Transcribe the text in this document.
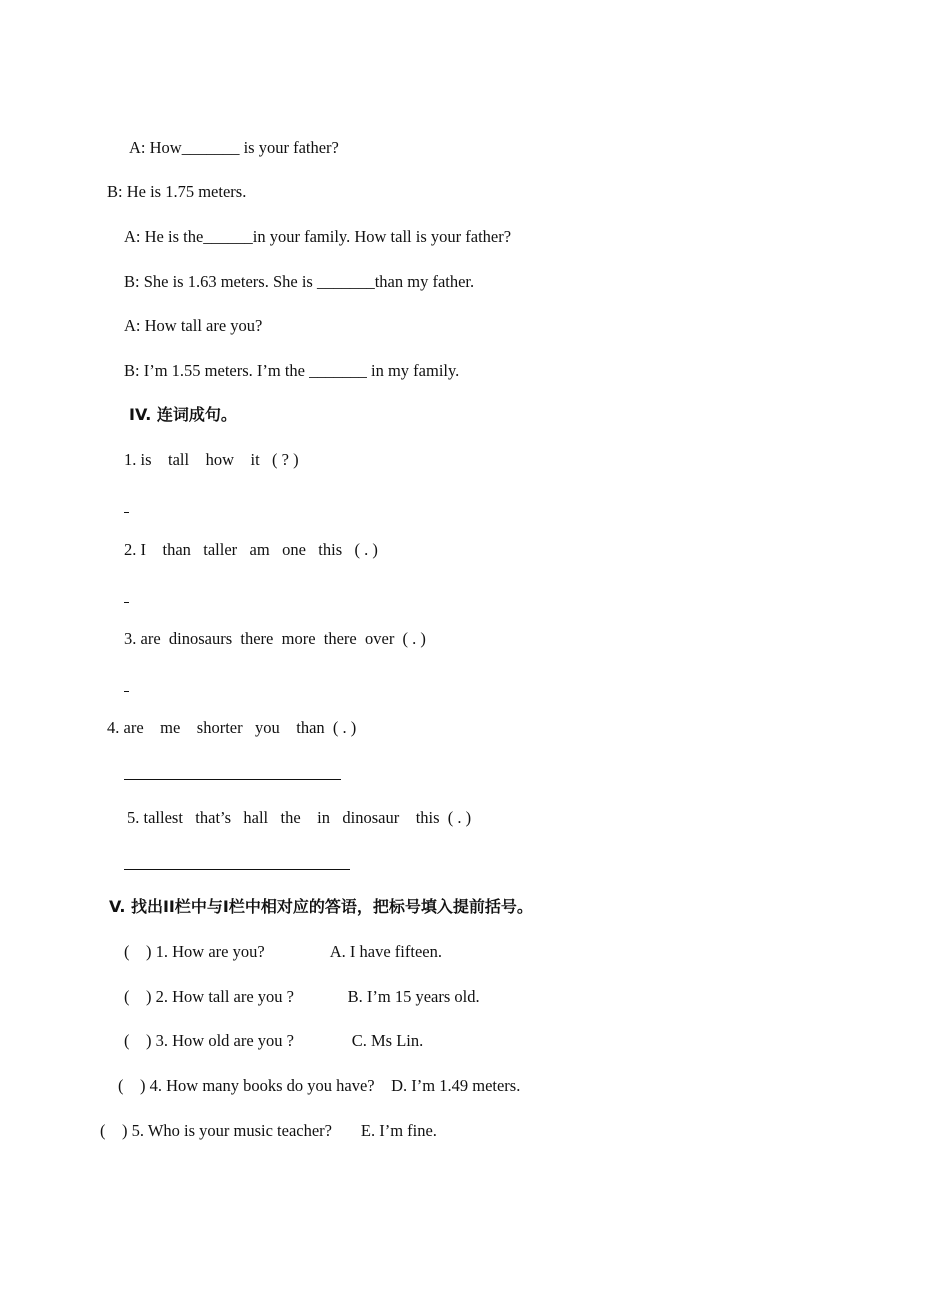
A: How_______ is your father?
B: He is 1.75 meters.
A: He is the______in your family. How tall is your father?
B: She is 1.63 meters. She is _______than my father.
A: How tall are you?
B: I’m 1.55 meters. I’m the _______ in my family.
IV. 连词成句。
1. is    tall    how    it   ( ? )
2. I    than   taller   am   one   this   ( . )
3. are  dinosaurs  there  more  there  over  ( . )
4. are    me    shorter   you    than  ( . )
5. tallest   that’s   hall   the    in   dinosaur    this  ( . )
V. 找出II栏中与I栏中相对应的答语，把标号填入提前括号。
(    ) 1. How are you?                A. I have fifteen.
(    ) 2. How tall are you ?             B. I’m 15 years old.
(    ) 3. How old are you ?              C. Ms Lin.
(    ) 4. How many books do you have?    D. I’m 1.49 meters.
(    ) 5. Who is your music teacher?       E. I’m fine.
